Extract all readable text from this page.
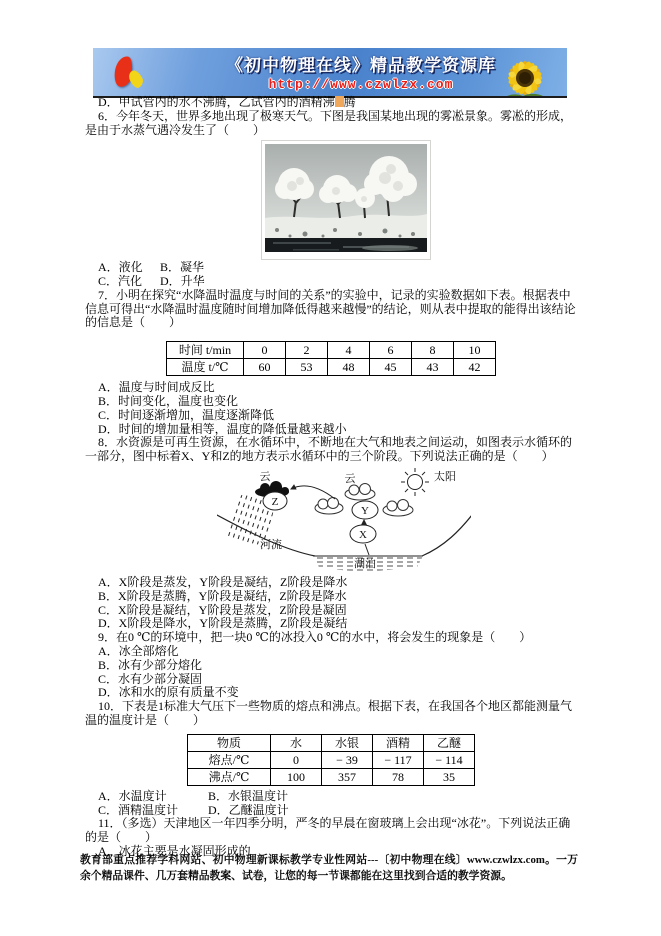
《初中物理在线》精品教学资源库
http://www.czwlzx.com

D．甲试管内的水不沸腾，乙试管内的酒精沸 腾

6．今年冬天，世界多地出现了极寒天气。下图是我国某地出现的雾凇景象。雾凇的形成，是由于水蒸气遇冷发生了（　　）

A．液化 B．凝华

C．汽化 D．升华

7．小明在探究“水降温时温度与时间的关系”的实验中，记录的实验数据如下表。根据表中信息可得出“水降温时温度随时间增加降低得越来越慢”的结论，则从表中提取的能得出该结论的信息是（　　）

时间 t/min	0	2	4	6	8	10
温度 t/℃	60	53	48	45	43	42

A．温度与时间成反比

B．时间变化，温度也变化

C．时间逐渐增加，温度逐渐降低

D．时间的增加量相等，温度的降低量越来越小

8．水资源是可再生资源，在水循环中，不断地在大气和地表之间运动，如图表示水循环的一部分，图中标着X、Y和Z的地方表示水循环中的三个阶段。下列说法正确的是（　　）

Z
Y
X
云	云	太阳
河流
湖泊

A．X阶段是蒸发，Y阶段是凝结，Z阶段是降水

B．X阶段是蒸腾，Y阶段是凝结，Z阶段是降水

C．X阶段是凝结，Y阶段是蒸发，Z阶段是凝固

D．X阶段是降水，Y阶段是蒸腾，Z阶段是凝结

9．在0 ℃的环境中，把一块0 ℃的冰投入0 ℃的水中，将会发生的现象是（　　）

A．冰全部熔化

B．冰有少部分熔化

C．水有少部分凝固

D．冰和水的原有质量不变

10．下表是1标准大气压下一些物质的熔点和沸点。根据下表，在我国各个地区都能测量气温的温度计是（　　）

物质	水	水银	酒精	乙醚
熔点/℃	0	− 39	− 117	− 114
沸点/℃	100	357	78	35

A．水温度计	B．水银温度计

C．酒精温度计 D．乙醚温度计

11．（多选）天津地区一年四季分明，严冬的早晨在窗玻璃上会出现“冰花”。下列说法正确的是（　　）

A．冰花主要是水凝固形成的

教育部重点推荐学科网站、初中物理新课标教学专业性网站---〔初中物理在线〕www.czwlzx.com。一万余个精品课件、几万套精品教案、试卷，让您的每一节课都能在这里找到合适的教学资源。
